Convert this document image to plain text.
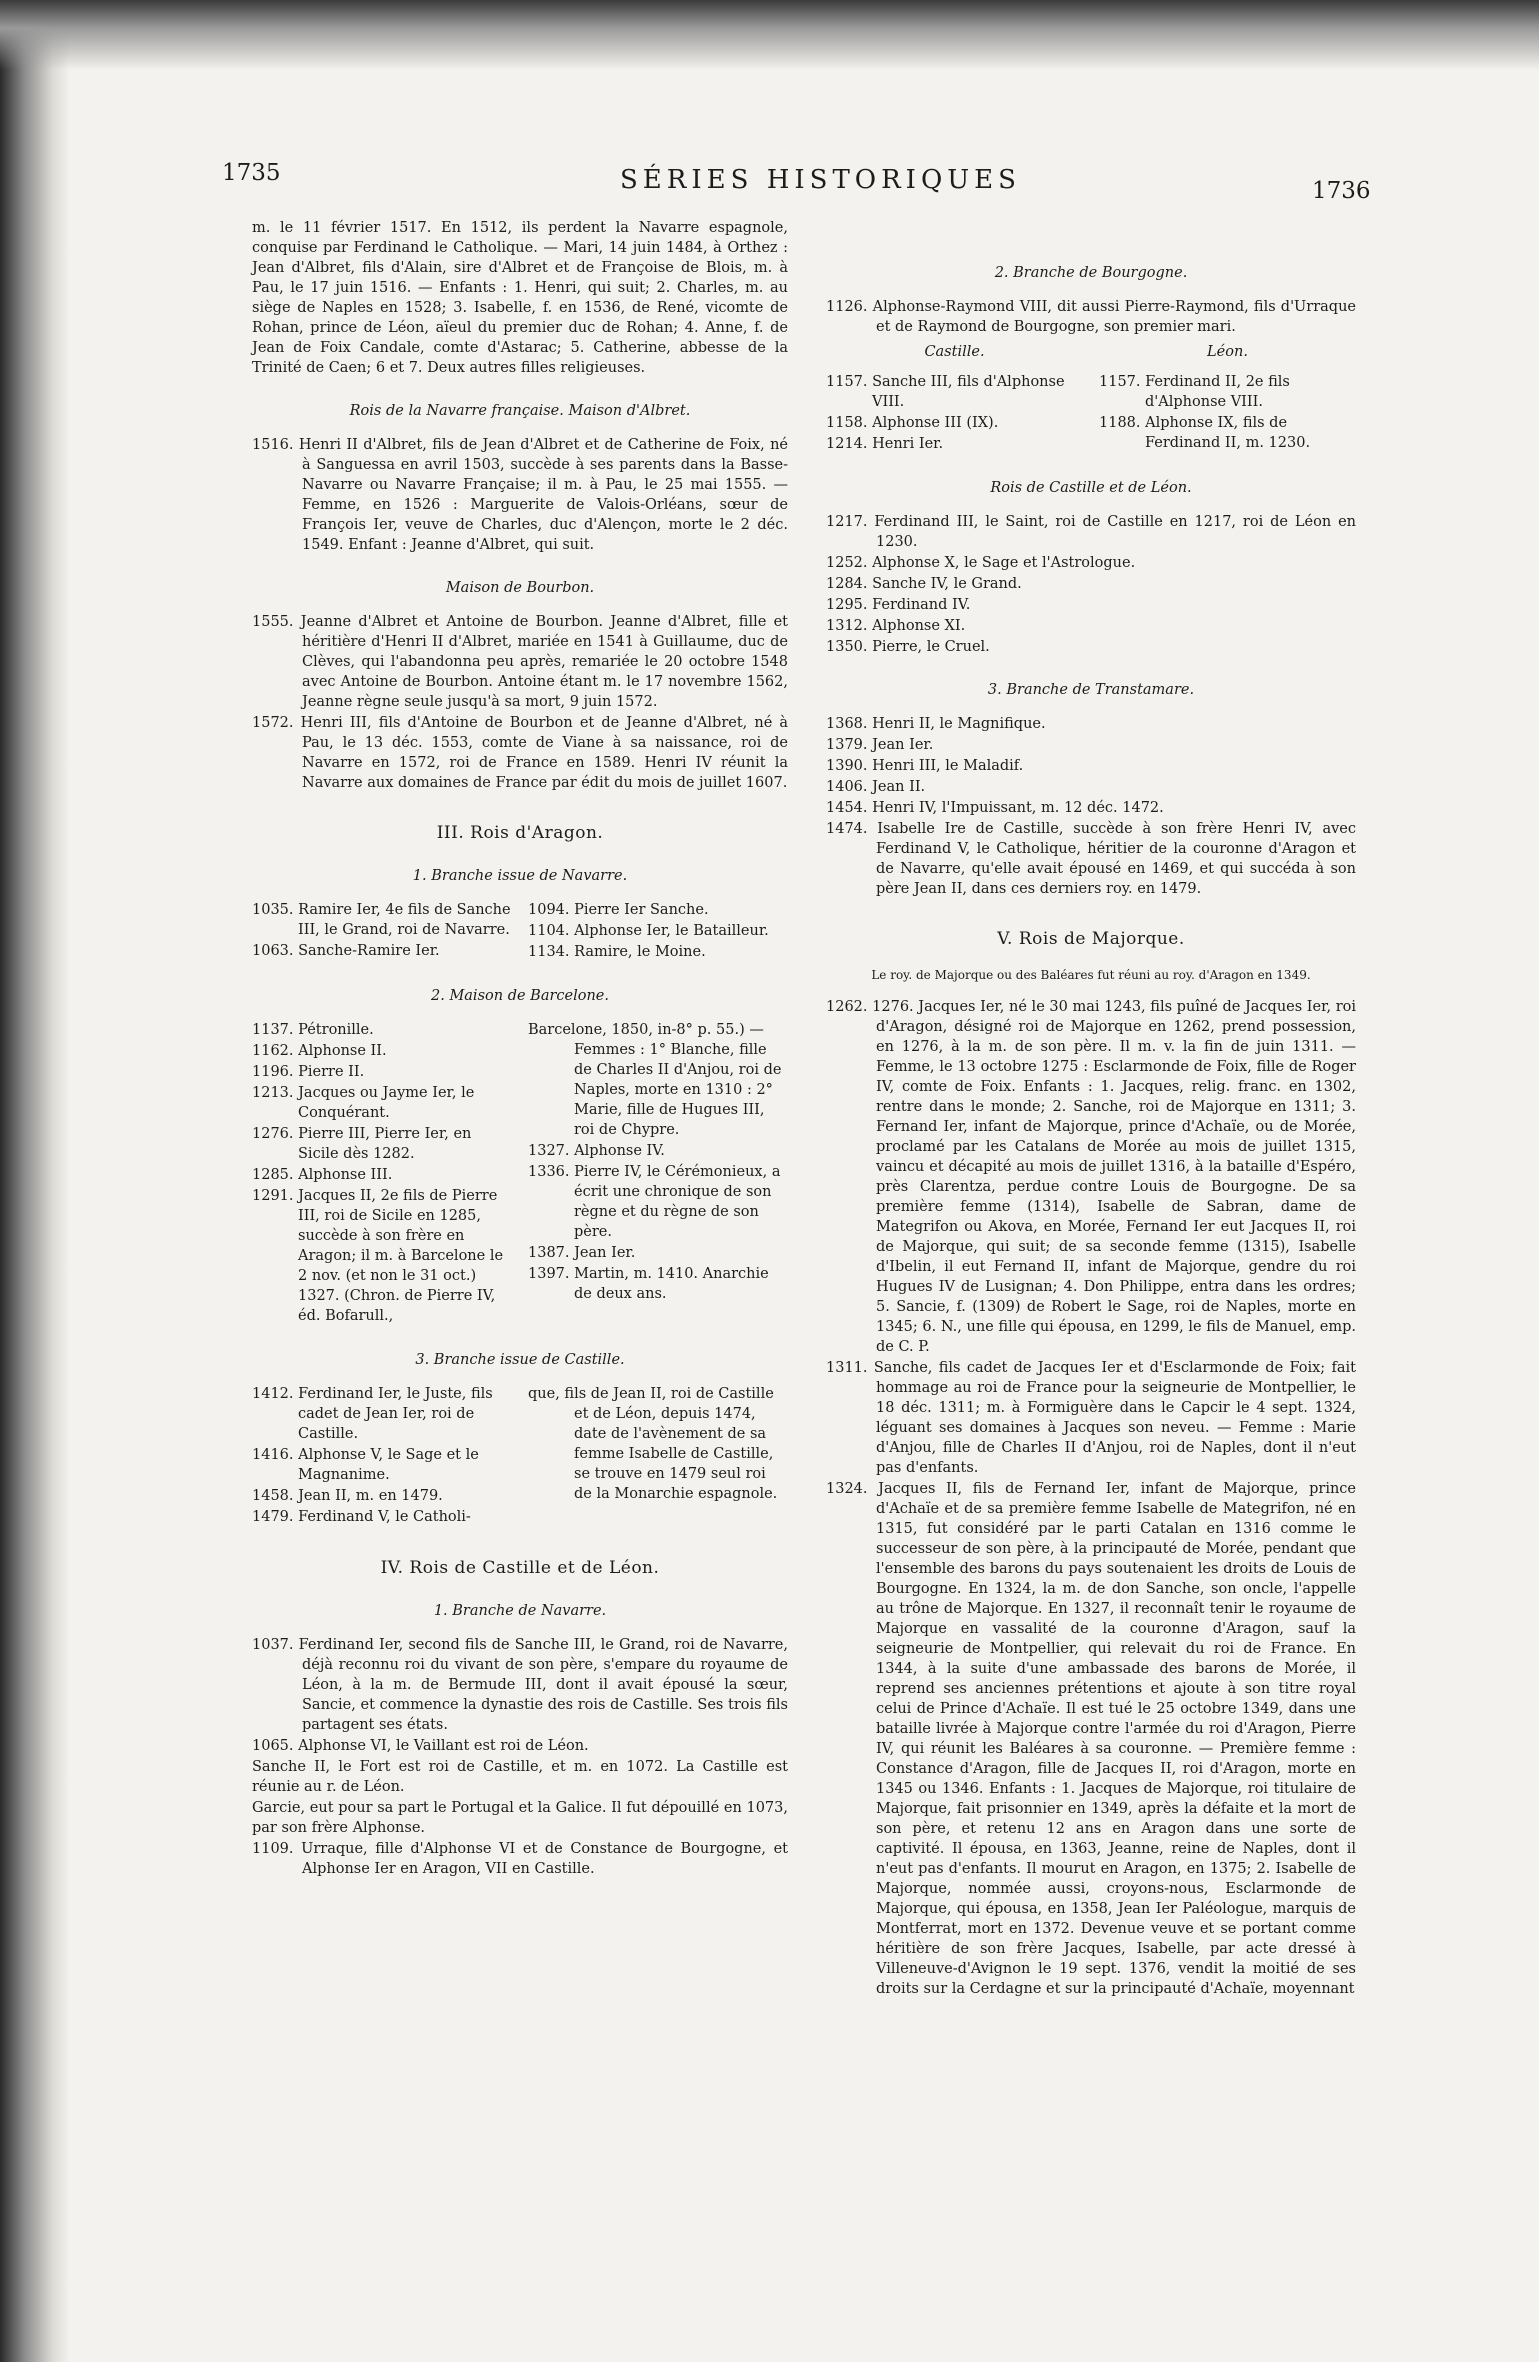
1735	SÉRIES HISTORIQUES	1736
m. le 11 février 1517. En 1512, ils perdent la Navarre espagnole, conquise par Ferdinand le Catholique. — Mari, 14 juin 1484, à Orthez : Jean d'Albret, fils d'Alain, sire d'Albret et de Françoise de Blois, m. à Pau, le 17 juin 1516. — Enfants : 1. Henri, qui suit; 2. Charles, m. au siège de Naples en 1528; 3. Isabelle, f. en 1536, de René, vicomte de Rohan, prince de Léon, aïeul du premier duc de Rohan; 4. Anne, f. de Jean de Foix Candale, comte d'Astarac; 5. Catherine, abbesse de la Trinité de Caen; 6 et 7. Deux autres filles religieuses.
Rois de la Navarre française. Maison d'Albret.
1516. Henri II d'Albret, fils de Jean d'Albret et de Catherine de Foix, né à Sanguessa en avril 1503, succède à ses parents dans la Basse-Navarre ou Navarre Française; il m. à Pau, le 25 mai 1555. — Femme, en 1526 : Marguerite de Valois-Orléans, sœur de François Ier, veuve de Charles, duc d'Alençon, morte le 2 déc. 1549. Enfant : Jeanne d'Albret, qui suit.
Maison de Bourbon.
1555. Jeanne d'Albret et Antoine de Bourbon. Jeanne d'Albret, fille et héritière d'Henri II d'Albret, mariée en 1541 à Guillaume, duc de Clèves, qui l'abandonna peu après, remariée le 20 octobre 1548 avec Antoine de Bourbon. Antoine étant m. le 17 novembre 1562, Jeanne règne seule jusqu'à sa mort, 9 juin 1572.
1572. Henri III, fils d'Antoine de Bourbon et de Jeanne d'Albret, né à Pau, le 13 déc. 1553, comte de Viane à sa naissance, roi de Navarre en 1572, roi de France en 1589. Henri IV réunit la Navarre aux domaines de France par édit du mois de juillet 1607.
III. Rois d'Aragon.
1. Branche issue de Navarre.
1035. Ramire Ier, 4e fils de Sanche III, le Grand, roi de Navarre.
1063. Sanche-Ramire Ier.
1094. Pierre Ier Sanche.
1104. Alphonse Ier, le Batailleur.
1134. Ramire, le Moine.
2. Maison de Barcelone.
1137. Pétronille.
1162. Alphonse II.
1196. Pierre II.
1213. Jacques ou Jayme Ier, le Conquérant.
1276. Pierre III, Pierre Ier, en Sicile dès 1282.
1285. Alphonse III.
1291. Jacques II, 2e fils de Pierre III, roi de Sicile en 1285, succède à son frère en Aragon; il m. à Barcelone le 2 nov. (et non le 31 oct.) 1327. (Chron. de Pierre IV, éd. Bofarull.,
Barcelone, 1850, in-8° p. 55.) — Femmes : 1° Blanche, fille de Charles II d'Anjou, roi de Naples, morte en 1310 : 2° Marie, fille de Hugues III, roi de Chypre.
1327. Alphonse IV.
1336. Pierre IV, le Cérémonieux, a écrit une chronique de son règne et du règne de son père.
1387. Jean Ier.
1397. Martin, m. 1410. Anarchie de deux ans.
3. Branche issue de Castille.
1412. Ferdinand Ier, le Juste, fils cadet de Jean Ier, roi de Castille.
1416. Alphonse V, le Sage et le Magnanime.
1458. Jean II, m. en 1479.
1479. Ferdinand V, le Catholi-
que, fils de Jean II, roi de Castille et de Léon, depuis 1474, date de l'avènement de sa femme Isabelle de Castille, se trouve en 1479 seul roi de la Monarchie espagnole.
IV. Rois de Castille et de Léon.
1. Branche de Navarre.
1037. Ferdinand Ier, second fils de Sanche III, le Grand, roi de Navarre, déjà reconnu roi du vivant de son père, s'empare du royaume de Léon, à la m. de Bermude III, dont il avait épousé la sœur, Sancie, et commence la dynastie des rois de Castille. Ses trois fils partagent ses états.
1065. Alphonse VI, le Vaillant est roi de Léon.
Sanche II, le Fort est roi de Castille, et m. en 1072. La Castille est réunie au r. de Léon.
Garcie, eut pour sa part le Portugal et la Galice. Il fut dépouillé en 1073, par son frère Alphonse.
1109. Urraque, fille d'Alphonse VI et de Constance de Bourgogne, et Alphonse Ier en Aragon, VII en Castille.
2. Branche de Bourgogne.
1126. Alphonse-Raymond VIII, dit aussi Pierre-Raymond, fils d'Urraque et de Raymond de Bourgogne, son premier mari.
Castille.
1157. Sanche III, fils d'Alphonse VIII.
1158. Alphonse III (IX).
1214. Henri Ier.
Léon.
1157. Ferdinand II, 2e fils d'Alphonse VIII.
1188. Alphonse IX, fils de Ferdinand II, m. 1230.
Rois de Castille et de Léon.
1217. Ferdinand III, le Saint, roi de Castille en 1217, roi de Léon en 1230.
1252. Alphonse X, le Sage et l'Astrologue.
1284. Sanche IV, le Grand.
1295. Ferdinand IV.
1312. Alphonse XI.
1350. Pierre, le Cruel.
3. Branche de Transtamare.
1368. Henri II, le Magnifique.
1379. Jean Ier.
1390. Henri III, le Maladif.
1406. Jean II.
1454. Henri IV, l'Impuissant, m. 12 déc. 1472.
1474. Isabelle Ire de Castille, succède à son frère Henri IV, avec Ferdinand V, le Catholique, héritier de la couronne d'Aragon et de Navarre, qu'elle avait épousé en 1469, et qui succéda à son père Jean II, dans ces derniers roy. en 1479.
V. Rois de Majorque.
Le roy. de Majorque ou des Baléares fut réuni au roy. d'Aragon en 1349.
1262. 1276. Jacques Ier, né le 30 mai 1243, fils puîné de Jacques Ier, roi d'Aragon, désigné roi de Majorque en 1262, prend possession, en 1276, à la m. de son père. Il m. v. la fin de juin 1311. — Femme, le 13 octobre 1275 : Esclarmonde de Foix, fille de Roger IV, comte de Foix. Enfants : 1. Jacques, relig. franc. en 1302, rentre dans le monde; 2. Sanche, roi de Majorque en 1311; 3. Fernand Ier, infant de Majorque, prince d'Achaïe, ou de Morée, proclamé par les Catalans de Morée au mois de juillet 1315, vaincu et décapité au mois de juillet 1316, à la bataille d'Espéro, près Clarentza, perdue contre Louis de Bourgogne. De sa première femme (1314), Isabelle de Sabran, dame de Mategrifon ou Akova, en Morée, Fernand Ier eut Jacques II, roi de Majorque, qui suit; de sa seconde femme (1315), Isabelle d'Ibelin, il eut Fernand II, infant de Majorque, gendre du roi Hugues IV de Lusignan; 4. Don Philippe, entra dans les ordres; 5. Sancie, f. (1309) de Robert le Sage, roi de Naples, morte en 1345; 6. N., une fille qui épousa, en 1299, le fils de Manuel, emp. de C. P.
1311. Sanche, fils cadet de Jacques Ier et d'Esclarmonde de Foix; fait hommage au roi de France pour la seigneurie de Montpellier, le 18 déc. 1311; m. à Formiguère dans le Capcir le 4 sept. 1324, léguant ses domaines à Jacques son neveu. — Femme : Marie d'Anjou, fille de Charles II d'Anjou, roi de Naples, dont il n'eut pas d'enfants.
1324. Jacques II, fils de Fernand Ier, infant de Majorque, prince d'Achaïe et de sa première femme Isabelle de Mategrifon, né en 1315, fut considéré par le parti Catalan en 1316 comme le successeur de son père, à la principauté de Morée, pendant que l'ensemble des barons du pays soutenaient les droits de Louis de Bourgogne. En 1324, la m. de don Sanche, son oncle, l'appelle au trône de Majorque. En 1327, il reconnaît tenir le royaume de Majorque en vassalité de la couronne d'Aragon, sauf la seigneurie de Montpellier, qui relevait du roi de France. En 1344, à la suite d'une ambassade des barons de Morée, il reprend ses anciennes prétentions et ajoute à son titre royal celui de Prince d'Achaïe. Il est tué le 25 octobre 1349, dans une bataille livrée à Majorque contre l'armée du roi d'Aragon, Pierre IV, qui réunit les Baléares à sa couronne. — Première femme : Constance d'Aragon, fille de Jacques II, roi d'Aragon, morte en 1345 ou 1346. Enfants : 1. Jacques de Majorque, roi titulaire de Majorque, fait prisonnier en 1349, après la défaite et la mort de son père, et retenu 12 ans en Aragon dans une sorte de captivité. Il épousa, en 1363, Jeanne, reine de Naples, dont il n'eut pas d'enfants. Il mourut en Aragon, en 1375; 2. Isabelle de Majorque, nommée aussi, croyons-nous, Esclarmonde de Majorque, qui épousa, en 1358, Jean Ier Paléologue, marquis de Montferrat, mort en 1372. Devenue veuve et se portant comme héritière de son frère Jacques, Isabelle, par acte dressé à Villeneuve-d'Avignon le 19 sept. 1376, vendit la moitié de ses droits sur la Cerdagne et sur la principauté d'Achaïe, moyennant
